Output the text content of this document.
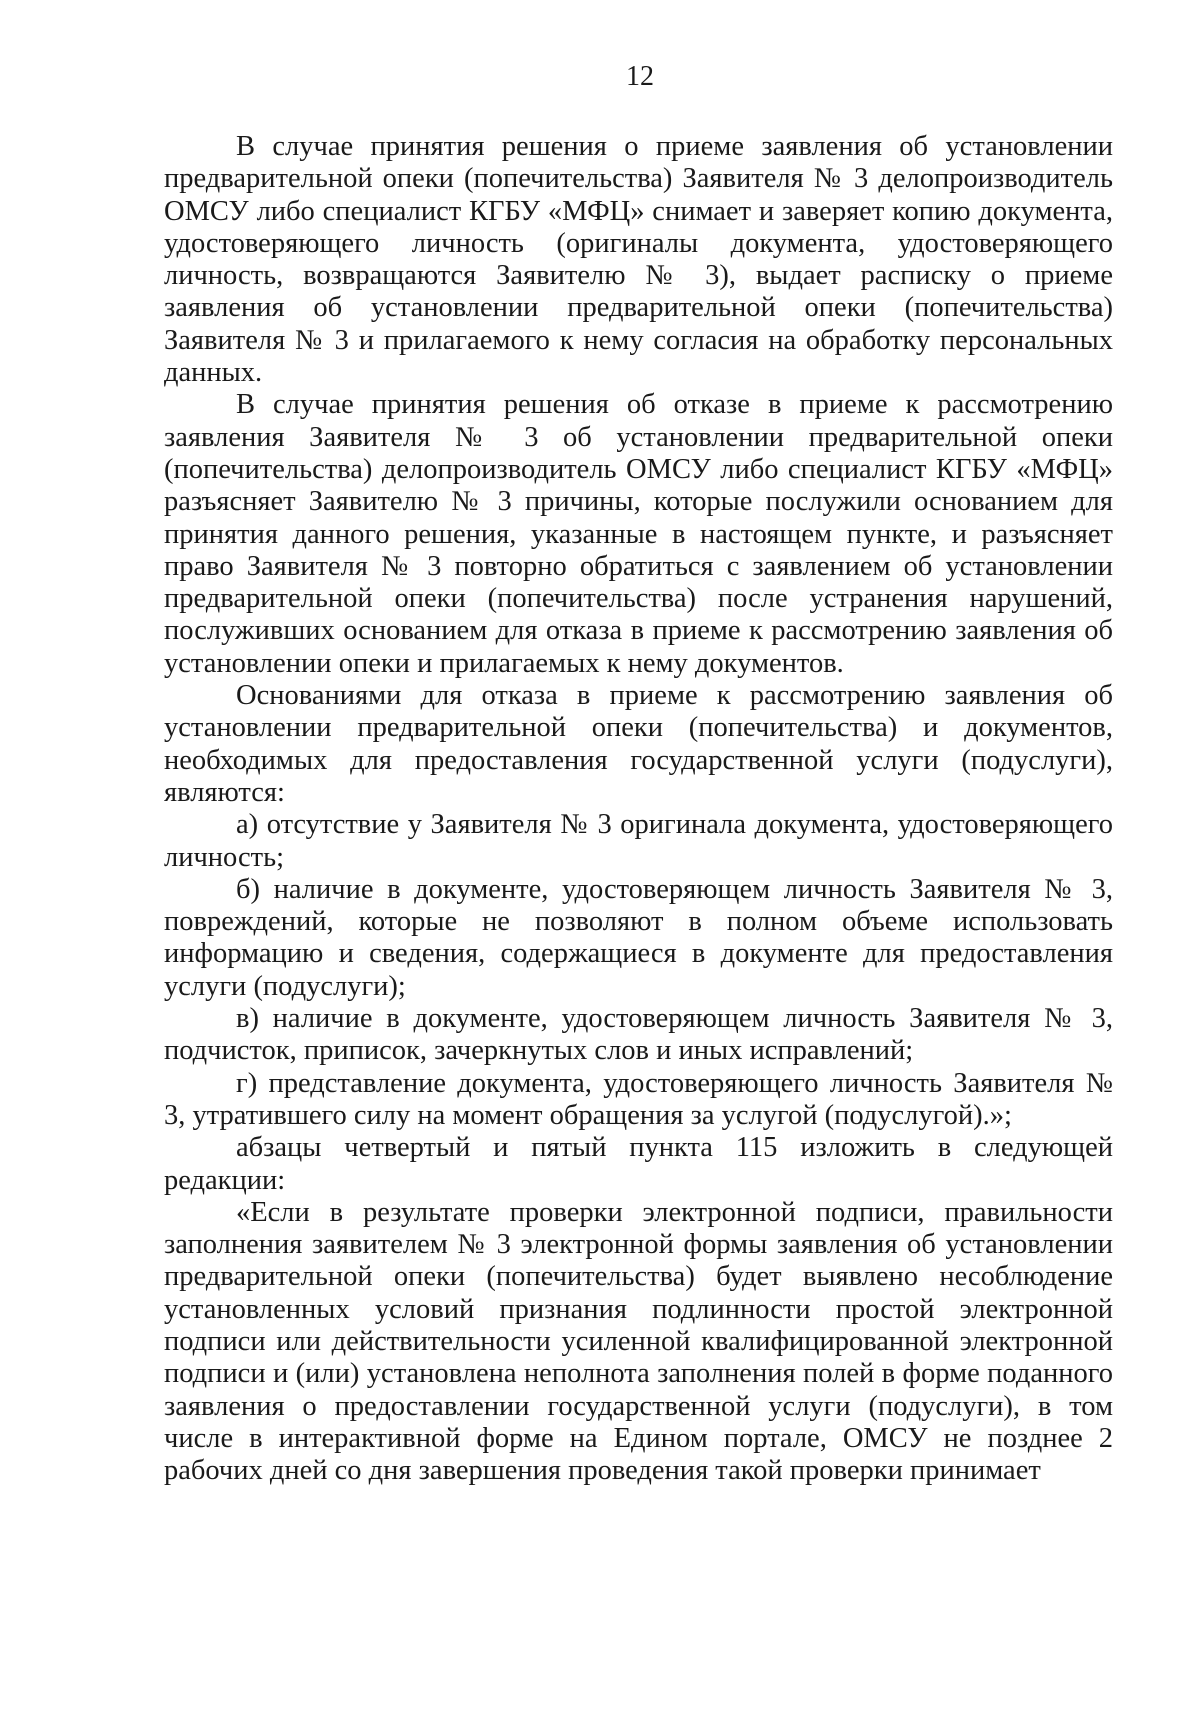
12

В случае принятия решения о приеме заявления об установлении предварительной опеки (попечительства) Заявителя № 3 делопроизводитель ОМСУ либо специалист КГБУ «МФЦ» снимает и заверяет копию документа, удостоверяющего личность (оригиналы документа, удостоверяющего личность, возвращаются Заявителю № 3), выдает расписку о приеме заявления об установлении предварительной опеки (попечительства) Заявителя № 3 и прилагаемого к нему согласия на обработку персональных данных.

В случае принятия решения об отказе в приеме к рассмотрению заявления Заявителя № 3 об установлении предварительной опеки (попечительства) делопроизводитель ОМСУ либо специалист КГБУ «МФЦ» разъясняет Заявителю № 3 причины, которые послужили основанием для принятия данного решения, указанные в настоящем пункте, и разъясняет право Заявителя № 3 повторно обратиться с заявлением об установлении предварительной опеки (попечительства) после устранения нарушений, послуживших основанием для отказа в приеме к рассмотрению заявления об установлении опеки и прилагаемых к нему документов.

Основаниями для отказа в приеме к рассмотрению заявления об установлении предварительной опеки (попечительства) и документов, необходимых для предоставления государственной услуги (подуслуги), являются:

а) отсутствие у Заявителя № 3 оригинала документа, удостоверяющего личность;

б) наличие в документе, удостоверяющем личность Заявителя № 3, повреждений, которые не позволяют в полном объеме использовать информацию и сведения, содержащиеся в документе для предоставления услуги (подуслуги);

в) наличие в документе, удостоверяющем личность Заявителя № 3, подчисток, приписок, зачеркнутых слов и иных исправлений;

г) представление документа, удостоверяющего личность Заявителя № 3, утратившего силу на момент обращения за услугой (подуслугой).»;

абзацы четвертый и пятый пункта 115 изложить в следующей редакции:

«Если в результате проверки электронной подписи, правильности заполнения заявителем № 3 электронной формы заявления об установлении предварительной опеки (попечительства) будет выявлено несоблюдение установленных условий признания подлинности простой электронной подписи или действительности усиленной квалифицированной электронной подписи и (или) установлена неполнота заполнения полей в форме поданного заявления о предоставлении государственной услуги (подуслуги), в том числе в интерактивной форме на Едином портале, ОМСУ не позднее 2 рабочих дней со дня завершения проведения такой проверки принимает
